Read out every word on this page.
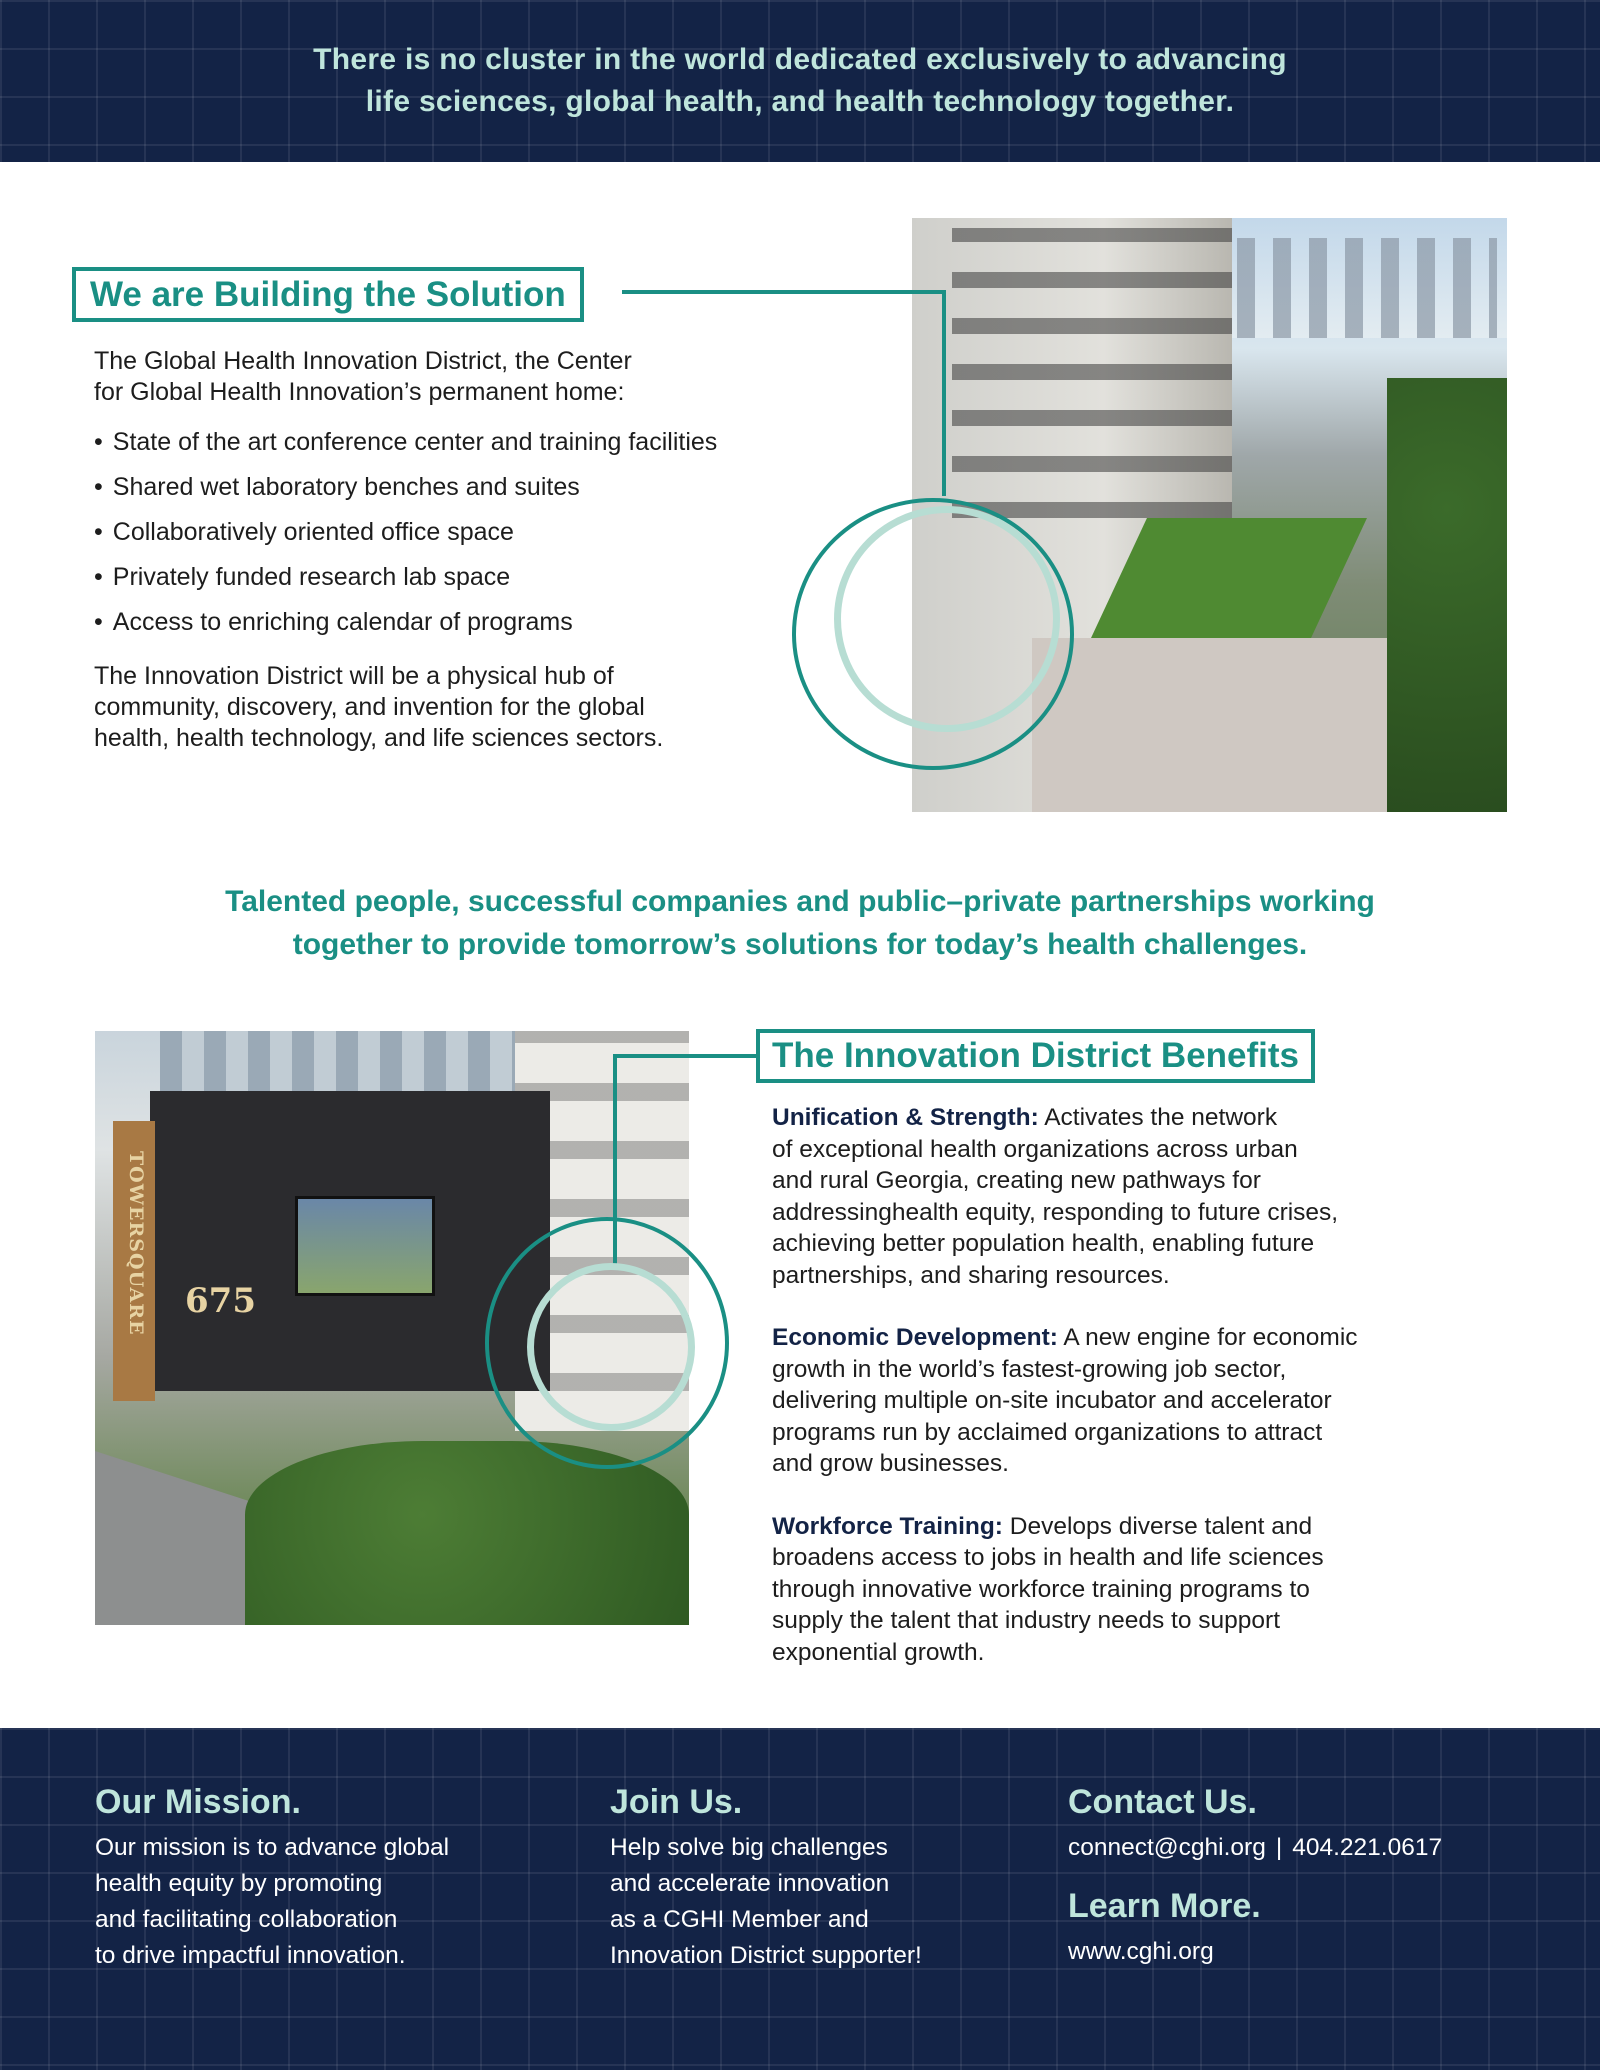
There is no cluster in the world dedicated exclusively to advancing

life sciences, global health, and health technology together.

We are Building the Solution
The Global Health Innovation District, the Center
for Global Health Innovation’s permanent home:
• State of the art conference center and training facilities
• Shared wet laboratory benches and suites
• Collaboratively oriented office space
• Privately funded research lab space
• Access to enriching calendar of programs
The Innovation District will be a physical hub of
community, discovery, and invention for the global
health, health technology, and life sciences sectors.
Talented people, successful companies and public–private partnerships working
together to provide tomorrow’s solutions for today’s health challenges.
TOWERSQUARE 675
The Innovation District Benefits
Unification & Strength: Activates the network
of exceptional health organizations across urban
and rural Georgia, creating new pathways for
addressinghealth equity, responding to future crises,
achieving better population health, enabling future
partnerships, and sharing resources.
Economic Development: A new engine for economic
growth in the world’s fastest-growing job sector,
delivering multiple on-site incubator and accelerator
programs run by acclaimed organizations to attract
and grow businesses.
Workforce Training: Develops diverse talent and
broadens access to jobs in health and life sciences
through innovative workforce training programs to
supply the talent that industry needs to support
exponential growth.
Our Mission.

Our mission is to advance global
health equity by promoting
and facilitating collaboration
to drive impactful innovation.

Join Us.

Help solve big challenges
and accelerate innovation
as a CGHI Member and
Innovation District supporter!

Contact Us.

connect@cghi.org | 404.221.0617

Learn More.

www.cghi.org
